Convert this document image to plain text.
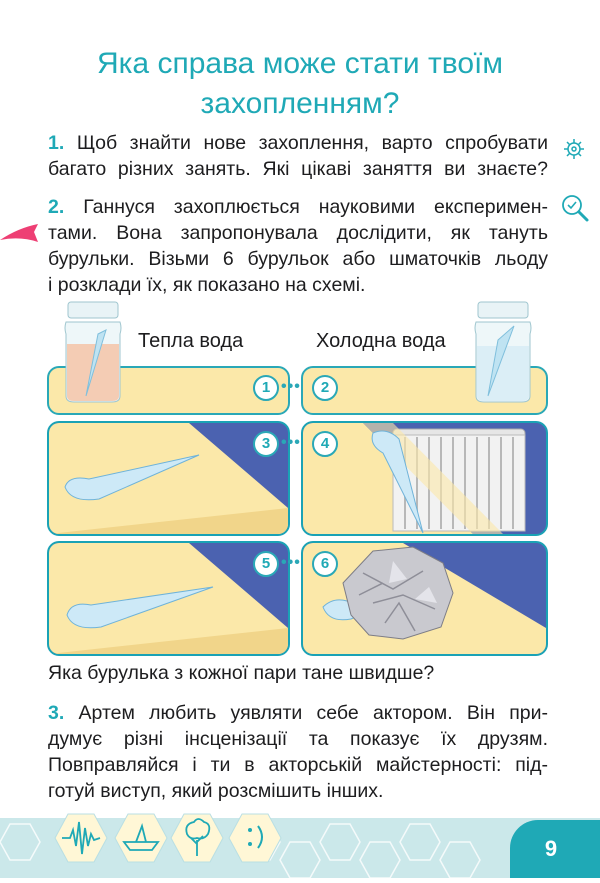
Яка справа може стати твоїм
захопленням?
1. Щоб знайти нове захоплення, варто спробувати
багато різних занять. Які цікаві заняття ви знаєте?
2. Ганнуся захоплюється науковими експеримен-
тами. Вона запропонувала дослідити, як тануть
бурульки. Візьми 6 бурульок або шматочків льоду
і розклади їх, як показано на схемі.
Тепла вода	Холодна вода
1 •••	2
3 •••	4
5 •••	6
Яка бурулька з кожної пари тане швидше?
3. Артем любить уявляти себе актором. Він при-
думує різні інсценізації та показує їх друзям.
Повправляйся і ти в акторській майстерності: під-
готуй виступ, який розсмішить інших.
9
